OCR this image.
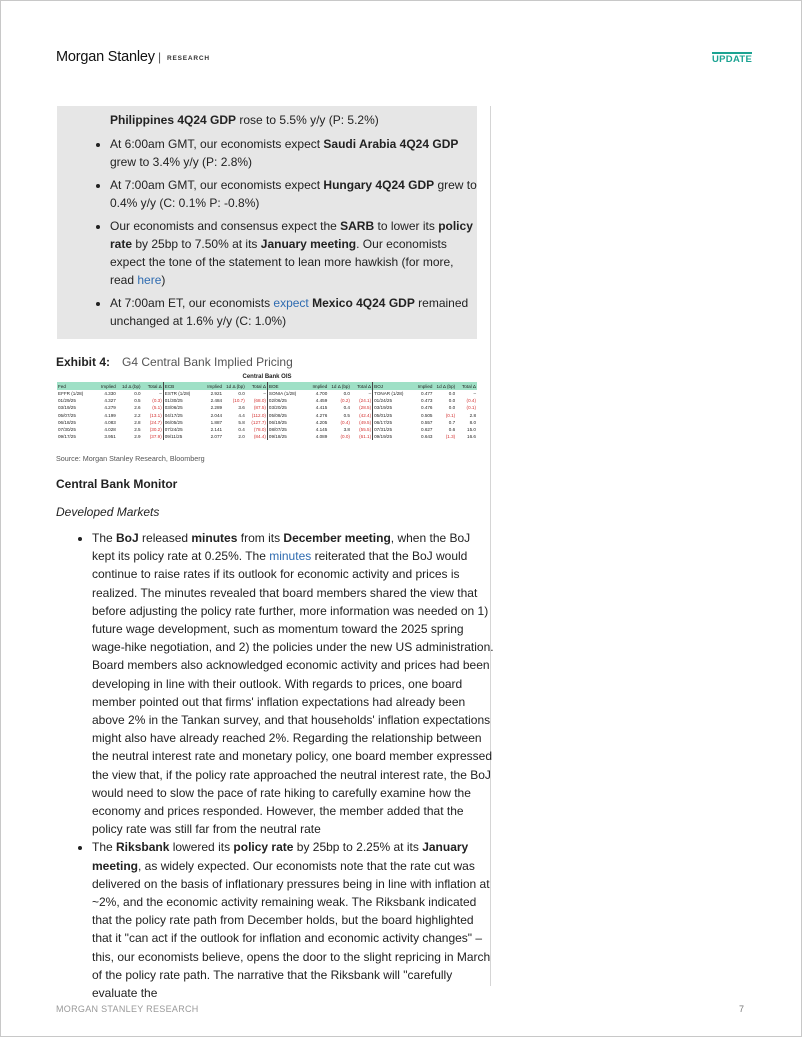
Morgan Stanley | RESEARCH	UPDATE

Philippines 4Q24 GDP rose to 5.5% y/y (P: 5.2%)

• At 6:00am GMT, our economists expect Saudi Arabia 4Q24 GDP grew to 3.4% y/y (P: 2.8%)
• At 7:00am GMT, our economists expect Hungary 4Q24 GDP grew to 0.4% y/y (C: 0.1% P: -0.8%)
• Our economists and consensus expect the SARB to lower its policy rate by 25bp to 7.50% at its January meeting. Our economists expect the tone of the statement to lean more hawkish (for more, read here)
• At 7:00am ET, our economists expect Mexico 4Q24 GDP remained unchanged at 1.6% y/y (C: 1.0%)
Exhibit 4: G4 Central Bank Implied Pricing
Central Bank OIS
Fed	Implied	1d Δ (bp)	Total Δ	ECB	Implied	1d Δ (bp)	Total Δ	BOE	Implied	1d Δ (bp)	Total Δ	BOJ	Implied	1d Δ (bp)	Total Δ
EFFR (1/28)	4.330	0.0	–	ESTR (1/28)	2.921	0.0	–	SONIA (1/28)	4.700	0.0	–	TONAR (1/28)	0.477	0.0	–
01/29/25	4.327	0.5	(0.3)	01/30/25	2.484	(10.7)	(68.0)	02/06/25	4.459	(0.2)	(24.1)	01/24/25	0.473	0.0	(0.4)
03/19/25	4.279	2.6	(5.1)	03/06/25	2.289	3.6	(87.5)	03/20/25	4.415	0.4	(28.5)	03/19/25	0.476	0.0	(0.1)
05/07/25	4.199	2.2	(13.1)	04/17/25	2.044	4.4	(112.0)	05/08/25	4.276	0.5	(42.4)	05/01/25	0.505	(0.1)	2.8
06/18/25	4.083	2.8	(24.7)	06/05/25	1.887	5.8	(127.7)	06/19/25	4.205	(0.4)	(49.5)	06/17/25	0.557	0.7	8.0
07/30/25	4.028	2.5	(30.2)	07/24/25	2.141	0.4	(78.0)	08/07/25	4.145	3.8	(55.5)	07/31/25	0.627	0.6	15.0
09/17/25	3.951	2.9	(37.9)	09/11/25	2.077	2.0	(84.4)	09/18/25	4.089	(0.0)	(61.1)	09/19/25	0.643	(1.3)	16.6
Source: Morgan Stanley Research, Bloomberg
Central Bank Monitor
Developed Markets
• The BoJ released minutes from its December meeting, when the BoJ kept its policy rate at 0.25%. The minutes reiterated that the BoJ would continue to raise rates if its outlook for economic activity and prices is realized. The minutes revealed that board members shared the view that before adjusting the policy rate further, more information was needed on 1) future wage development, such as momentum toward the 2025 spring wage-hike negotiation, and 2) the policies under the new US administration. Board members also acknowledged economic activity and prices had been developing in line with their outlook. With regards to prices, one board member pointed out that firms' inflation expectations had already been above 2% in the Tankan survey, and that households' inflation expectations might also have already reached 2%. Regarding the relationship between the neutral interest rate and monetary policy, one board member expressed the view that, if the policy rate approached the neutral interest rate, the BoJ would need to slow the pace of rate hiking to carefully examine how the economy and prices responded. However, the member added that the policy rate was still far from the neutral rate
• The Riksbank lowered its policy rate by 25bp to 2.25% at its January meeting, as widely expected. Our economists note that the rate cut was delivered on the basis of inflationary pressures being in line with inflation at ~2%, and the economic activity remaining weak. The Riksbank indicated that the policy rate path from December holds, but the board highlighted that it "can act if the outlook for inflation and economic activity changes" – this, our economists believe, opens the door to the slight repricing in March of the policy rate path. The narrative that the Riksbank will "carefully evaluate the
MORGAN STANLEY RESEARCH	7
